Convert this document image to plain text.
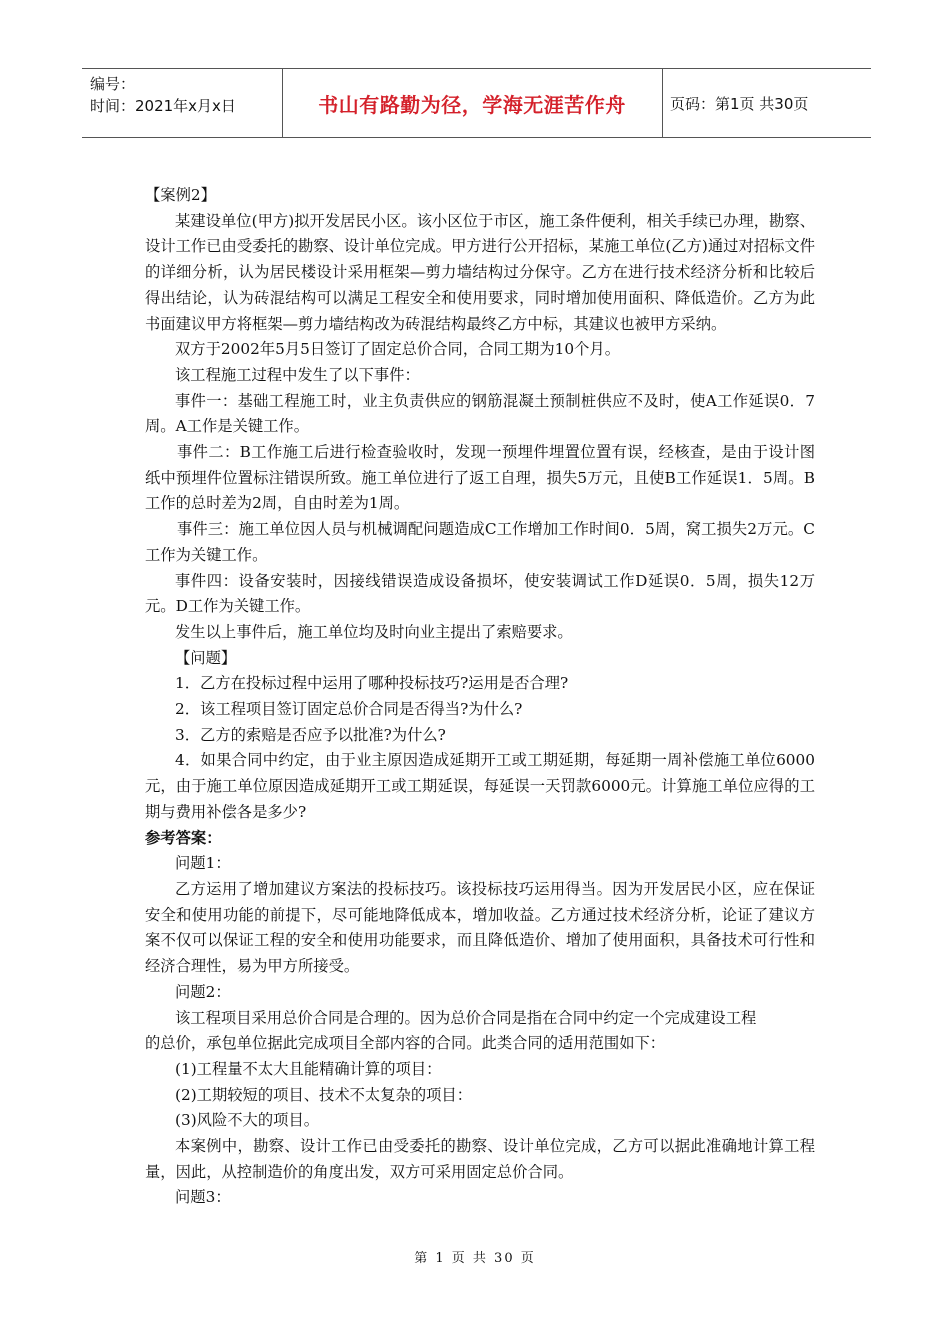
编号：
时间：2021年x月x日	书山有路勤为径，学海无涯苦作舟	页码：第1页 共30页

【案例2】

某建设单位(甲方)拟开发居民小区。该小区位于市区，施工条件便利，相关手续已办理，勘察、设计工作已由受委托的勘察、设计单位完成。甲方进行公开招标，某施工单位(乙方)通过对招标文件的详细分析，认为居民楼设计采用框架—剪力墙结构过分保守。乙方在进行技术经济分析和比较后得出结论，认为砖混结构可以满足工程安全和使用要求，同时增加使用面积、降低造价。乙方为此书面建议甲方将框架—剪力墙结构改为砖混结构最终乙方中标，其建议也被甲方采纳。

双方于2002年5月5日签订了固定总价合同，合同工期为10个月。

该工程施工过程中发生了以下事件：

事件一：基础工程施工时，业主负责供应的钢筋混凝土预制桩供应不及时，使A工作延误0．7周。A工作是关键工作。

事件二：B工作施工后进行检查验收时，发现一预埋件埋置位置有误，经核查，是由于设计图纸中预埋件位置标注错误所致。施工单位进行了返工自理，损失5万元，且使B工作延误1．5周。B工作的总时差为2周，自由时差为1周。

事件三：施工单位因人员与机械调配问题造成C工作增加工作时间0．5周，窝工损失2万元。C工作为关键工作。

事件四：设备安装时，因接线错误造成设备损坏，使安装调试工作D延误0．5周，损失12万元。D工作为关键工作。

发生以上事件后，施工单位均及时向业主提出了索赔要求。

【问题】

1．乙方在投标过程中运用了哪种投标技巧?运用是否合理?

2．该工程项目签订固定总价合同是否得当?为什么?

3．乙方的索赔是否应予以批准?为什么?

4．如果合同中约定，由于业主原因造成延期开工或工期延期，每延期一周补偿施工单位6000元，由于施工单位原因造成延期开工或工期延误，每延误一天罚款6000元。计算施工单位应得的工期与费用补偿各是多少?

参考答案：

问题1：

乙方运用了增加建议方案法的投标技巧。该投标技巧运用得当。因为开发居民小区，应在保证安全和使用功能的前提下，尽可能地降低成本，增加收益。乙方通过技术经济分析，论证了建议方案不仅可以保证工程的安全和使用功能要求，而且降低造价、增加了使用面积，具备技术可行性和经济合理性，易为甲方所接受。

问题2：

该工程项目采用总价合同是合理的。因为总价合同是指在合同中约定一个完成建设工程

的总价，承包单位据此完成项目全部内容的合同。此类合同的适用范围如下：

(1)工程量不太大且能精确计算的项目：

(2)工期较短的项目、技术不太复杂的项目：

(3)风险不大的项目。

本案例中，勘察、设计工作已由受委托的勘察、设计单位完成，乙方可以据此准确地计算工程量，因此，从控制造价的角度出发，双方可采用固定总价合同。

问题3：

第 1 页 共 30 页
